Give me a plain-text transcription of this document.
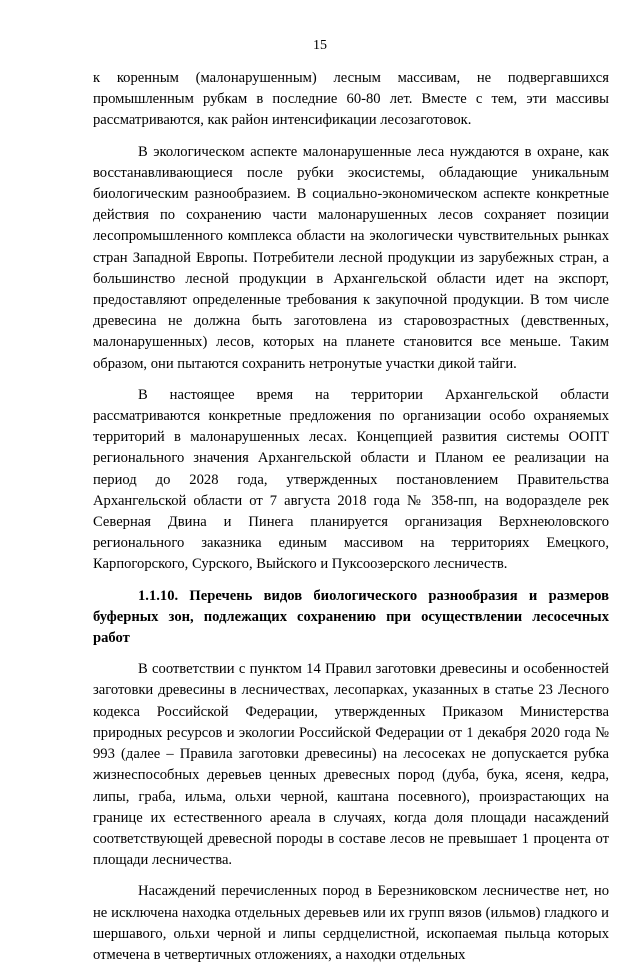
15

к коренным (малонарушенным) лесным массивам, не подвергавшихся промышленным рубкам в последние 60-80 лет. Вместе с тем, эти массивы рассматриваются, как район интенсификации лесозаготовок.

В экологическом аспекте малонарушенные леса нуждаются в охране, как восстанавливающиеся после рубки экосистемы, обладающие уникальным биологическим разнообразием. В социально-экономическом аспекте конкретные действия по сохранению части малонарушенных лесов сохраняет позиции лесопромышленного комплекса области на экологически чувствительных рынках стран Западной Европы. Потребители лесной продукции из зарубежных стран, а большинство лесной продукции в Архангельской области идет на экспорт, предоставляют определенные требования к закупочной продукции. В том числе древесина не должна быть заготовлена из старовозрастных (девственных, малонарушенных) лесов, которых на планете становится все меньше. Таким образом, они пытаются сохранить нетронутые участки дикой тайги.

В настоящее время на территории Архангельской области рассматриваются конкретные предложения по организации особо охраняемых территорий в малонарушенных лесах. Концепцией развития системы ООПТ регионального значения Архангельской области и Планом ее реализации на период до 2028 года, утвержденных постановлением Правительства Архангельской области от 7 августа 2018 года № 358-пп, на водоразделе рек Северная Двина и Пинега планируется организация Верхнеюловского регионального заказника единым массивом на территориях Емецкого, Карпогорского, Сурского, Выйского и Пуксоозерского лесничеств.

1.1.10. Перечень видов биологического разнообразия и размеров буферных зон, подлежащих сохранению при осуществлении лесосечных работ

В соответствии с пунктом 14 Правил заготовки древесины и особенностей заготовки древесины в лесничествах, лесопарках, указанных в статье 23 Лесного кодекса Российской Федерации, утвержденных Приказом Министерства природных ресурсов и экологии Российской Федерации от 1 декабря 2020 года № 993 (далее – Правила заготовки древесины) на лесосеках не допускается рубка жизнеспособных деревьев ценных древесных пород (дуба, бука, ясеня, кедра, липы, граба, ильма, ольхи черной, каштана посевного), произрастающих на границе их естественного ареала в случаях, когда доля площади насаждений соответствующей древесной породы в составе лесов не превышает 1 процента от площади лесничества.

Насаждений перечисленных пород в Березниковском лесничестве нет, но не исключена находка отдельных деревьев или их групп вязов (ильмов) гладкого и шершавого, ольхи черной и липы сердцелистной, ископаемая пыльца которых отмечена в четвертичных отложениях, а находки отдельных
